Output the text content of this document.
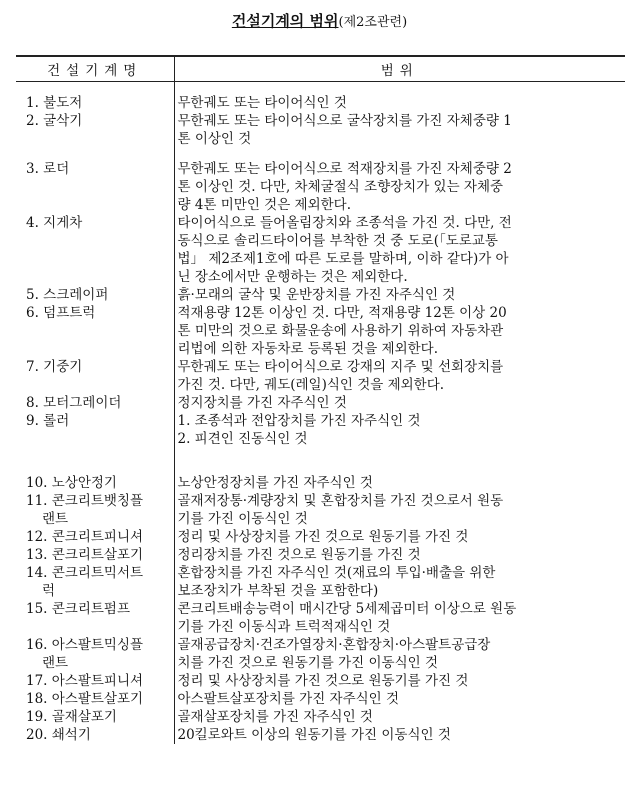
건설기계의 범위(제2조관련)
건설기계명	범위

1. 불도저	무한궤도 또는 타이어식인 것

2. 굴삭기	무한궤도 또는 타이어식으로 굴삭장치를 가진 자체중량 1
톤 이상인 것

3. 로더	무한궤도 또는 타이어식으로 적재장치를 가진 자체중량 2
톤 이상인 것. 다만, 차체굴절식 조향장치가 있는 자체중
량 4톤 미만인 것은 제외한다.

4. 지게차	타이어식으로 들어올림장치와 조종석을 가진 것. 다만, 전
동식으로 솔리드타이어를 부착한 것 중 도로(「도로교통
법」 제2조제1호에 따른 도로를 말하며, 이하 같다)가 아
닌 장소에서만 운행하는 것은 제외한다.

5. 스크레이퍼	흙·모래의 굴삭 및 운반장치를 가진 자주식인 것

6. 덤프트럭	적재용량 12톤 이상인 것. 다만, 적재용량 12톤 이상 20
톤 미만의 것으로 화물운송에 사용하기 위하여 자동차관
리법에 의한 자동차로 등록된 것을 제외한다.

7. 기중기	무한궤도 또는 타이어식으로 강재의 지주 및 선회장치를
가진 것. 다만, 궤도(레일)식인 것을 제외한다.

8. 모터그레이더	정지장치를 가진 자주식인 것

9. 롤러	1. 조종석과 전압장치를 가진 자주식인 것
2. 피견인 진동식인 것

10. 노상안정기	노상안정장치를 가진 자주식인 것

11. 콘크리트뱃칭플
랜트	골재저장통·계량장치 및 혼합장치를 가진 것으로서 원동
기를 가진 이동식인 것

12. 콘크리트피니셔	정리 및 사상장치를 가진 것으로 원동기를 가진 것

13. 콘크리트살포기	정리장치를 가진 것으로 원동기를 가진 것

14. 콘크리트믹서트
럭	혼합장치를 가진 자주식인 것(재료의 투입·배출을 위한
보조장치가 부착된 것을 포함한다)

15. 콘크리트펌프	콘크리트배송능력이 매시간당 5세제곱미터 이상으로 원동
기를 가진 이동식과 트럭적재식인 것

16. 아스팔트믹싱플
랜트	골재공급장치·건조가열장치·혼합장치·아스팔트공급장
치를 가진 것으로 원동기를 가진 이동식인 것

17. 아스팔트피니셔	정리 및 사상장치를 가진 것으로 원동기를 가진 것

18. 아스팔트살포기	아스팔트살포장치를 가진 자주식인 것

19. 골재살포기	골재살포장치를 가진 자주식인 것

20. 쇄석기	20킬로와트 이상의 원동기를 가진 이동식인 것
